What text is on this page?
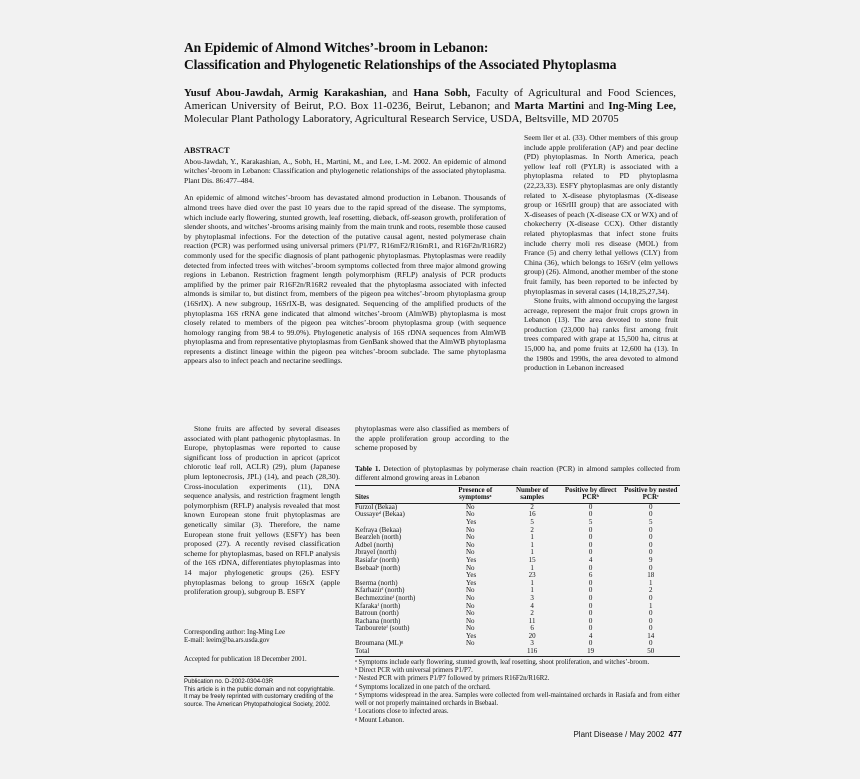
An Epidemic of Almond Witches’-broom in Lebanon:
Classification and Phylogenetic Relationships of the Associated Phytoplasma
Yusuf Abou-Jawdah, Armig Karakashian, and Hana Sobh, Faculty of Agricultural and Food Sciences, American University of Beirut, P.O. Box 11-0236, Beirut, Lebanon; and Marta Martini and Ing-Ming Lee, Molecular Plant Pathology Laboratory, Agricultural Research Service, USDA, Beltsville, MD 20705
ABSTRACT
Abou-Jawdah, Y., Karakashian, A., Sobh, H., Martini, M., and Lee, I.-M. 2002. An epidemic of almond witches’-broom in Lebanon: Classification and phylogenetic relationships of the associated phytoplasma. Plant Dis. 86:477–484.
An epidemic of almond witches’-broom has devastated almond production in Lebanon. Thousands of almond trees have died over the past 10 years due to the rapid spread of the disease. The symptoms, which include early flowering, stunted growth, leaf rosetting, dieback, off-season growth, proliferation of slender shoots, and witches’-brooms arising mainly from the main trunk and roots, resemble those caused by phytoplasmal infections. For the detection of the putative causal agent, nested polymerase chain reaction (PCR) was performed using universal primers (P1/P7, R16mF2/R16mR1, and R16F2n/R16R2) commonly used for the specific diagnosis of plant pathogenic phytoplasmas. Phytoplasmas were readily detected from infected trees with witches’-broom symptoms collected from three major almond growing regions in Lebanon. Restriction fragment length polymorphism (RFLP) analysis of PCR products amplified by the primer pair R16F2n/R16R2 revealed that the phytoplasma associated with infected almonds is similar to, but distinct from, members of the pigeon pea witches’-broom phytoplasma group (16SrIX). A new subgroup, 16SrIX-B, was designated. Sequencing of the amplified products of the phytoplasma 16S rRNA gene indicated that almond witches’-broom (AlmWB) phytoplasma is most closely related to members of the pigeon pea witches’-broom phytoplasma group (with sequence homology ranging from 98.4 to 99.0%). Phylogenetic analysis of 16S rDNA sequences from AlmWB phytoplasma and from representative phytoplasmas from GenBank showed that the AlmWB phytoplasma represents a distinct lineage within the pigeon pea witches’-broom subclade. The same phytoplasma appears also to infect peach and nectarine seedlings.

Seem ller et al. (33). Other members of this group include apple proliferation (AP) and pear decline (PD) phytoplasmas. In North America, peach yellow leaf roll (PYLR) is associated with a phytoplasma related to PD phytoplasma (22,23,33). ESFY phytoplasmas are only distantly related to X-disease phytoplasmas (X-disease group or 16SrIII group) that are associated with X-diseases of peach (X-disease CX or WX) and of chokecherry (X-disease CCX). Other distantly related phytoplasmas that infect stone fruits include cherry moli res disease (MOL) from France (5) and cherry lethal yellows (CLY) from China (36), which belongs to 16SrV (elm yellows group) (26). Almond, another member of the stone fruit family, has been reported to be infected by phytoplasmas in several cases (14,18,25,27,34).

Stone fruits, with almond occupying the largest acreage, represent the major fruit crops grown in Lebanon (13). The area devoted to stone fruit production (23,000 ha) ranks first among fruit trees compared with grape at 15,500 ha, citrus at 15,000 ha, and pome fruits at 12,600 ha (13). In the 1980s and 1990s, the area devoted to almond production in Lebanon increased

Stone fruits are affected by several diseases associated with plant pathogenic phytoplasmas. In Europe, phytoplasmas were reported to cause significant loss of production in apricot (apricot chlorotic leaf roll, ACLR) (29), plum (Japanese plum leptonecrosis, JPL) (14), and peach (28,30). Cross-inoculation experiments (11), DNA sequence analysis, and restriction fragment length polymorphism (RFLP) analysis revealed that most known European stone fruit phytoplasmas are genetically similar (3). Therefore, the name European stone fruit yellows (ESFY) has been proposed (27). A recently revised classification scheme for phytoplasmas, based on RFLP analysis of the 16S rDNA, differentiates phytoplasmas into 14 major phylogenetic groups (26). ESFY phytoplasmas belong to group 16SrX (apple proliferation group), subgroup B. ESFY
phytoplasmas were also classified as members of the apple proliferation group according to the scheme proposed by
Corresponding author: Ing-Ming Lee
E-mail: leeim@ba.ars.usda.gov
Accepted for publication 18 December 2001.
Publication no. D-2002-0304-03R
This article is in the public domain and not copyrightable. It may be freely reprinted with customary crediting of the source. The American Phytopathological Society, 2002.
Table 1. Detection of phytoplasmas by polymerase chain reaction (PCR) in almond samples collected from different almond growing areas in Lebanon
Sites	Presence of symptomsᵃ	Number of samples	Positive by direct PCRᵇ	Positive by nested PCRᶜ
Furzol (Bekaa)	No	2	0	0
Oussayeᵈ (Bekaa)	No	16	0	0
	Yes	5	5	5
Kefraya (Bekaa)	No	2	0	0
Bearzleh (north)	No	1	0	0
Adbel (north)	No	1	0	0
Jbrayel (north)	No	1	0	0
Rasiafaᵉ (north)	Yes	15	4	9
Bsebaalᵉ (north)	No	1	0	0
	Yes	23	6	18
Bserma (north)	Yes	1	0	1
Kfarhazirᶠ (north)	No	1	0	2
Bechmezzineᶠ (north)	No	3	0	0
Kfarakaᶠ (north)	No	4	0	1
Batroun (north)	No	2	0	0
Rachana (north)	No	11	0	0
Tanboureteᶠ (south)	No	6	0	0
	Yes	20	4	14
Broumana (ML)ᵍ	No	3	0	0
Total		116	19	50
ᵃ Symptoms include early flowering, stunted growth, leaf rosetting, shoot proliferation, and witches’-broom.
ᵇ Direct PCR with universal primers P1/P7.
ᶜ Nested PCR with primers P1/P7 followed by primers R16F2n/R16R2.
ᵈ Symptoms localized in one patch of the orchard.
ᵉ Symptoms widespread in the area. Samples were collected from well-maintained orchards in Rasiafa and from either well or not properly maintained orchards in Bsebaal.
ᶠ Locations close to infected areas.
ᵍ Mount Lebanon.
Plant Disease / May 2002 477
